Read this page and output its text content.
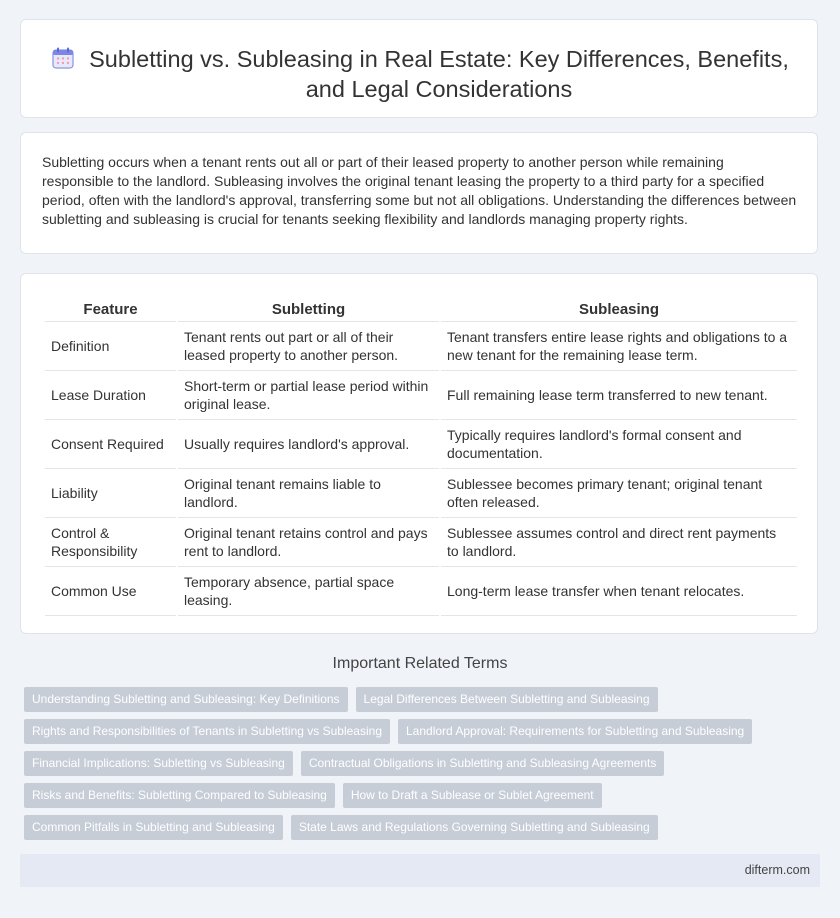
Subletting vs. Subleasing in Real Estate: Key Differences, Benefits, and Legal Considerations

Subletting occurs when a tenant rents out all or part of their leased property to another person while remaining responsible to the landlord. Subleasing involves the original tenant leasing the property to a third party for a specified period, often with the landlord's approval, transferring some but not all obligations. Understanding the differences between subletting and subleasing is crucial for tenants seeking flexibility and landlords managing property rights.

Feature	Subletting	Subleasing
Definition	Tenant rents out part or all of their leased property to another person.	Tenant transfers entire lease rights and obligations to a new tenant for the remaining lease term.
Lease Duration	Short-term or partial lease period within original lease.	Full remaining lease term transferred to new tenant.
Consent Required	Usually requires landlord's approval.	Typically requires landlord's formal consent and documentation.
Liability	Original tenant remains liable to landlord.	Sublessee becomes primary tenant; original tenant often released.
Control & Responsibility	Original tenant retains control and pays rent to landlord.	Sublessee assumes control and direct rent payments to landlord.
Common Use	Temporary absence, partial space leasing.	Long-term lease transfer when tenant relocates.
Important Related Terms
Understanding Subletting and Subleasing: Key Definitions	Legal Differences Between Subletting and Subleasing
Rights and Responsibilities of Tenants in Subletting vs Subleasing	Landlord Approval: Requirements for Subletting and Subleasing
Financial Implications: Subletting vs Subleasing	Contractual Obligations in Subletting and Subleasing Agreements
Risks and Benefits: Subletting Compared to Subleasing	How to Draft a Sublease or Sublet Agreement
Common Pitfalls in Subletting and Subleasing	State Laws and Regulations Governing Subletting and Subleasing
difterm.com
